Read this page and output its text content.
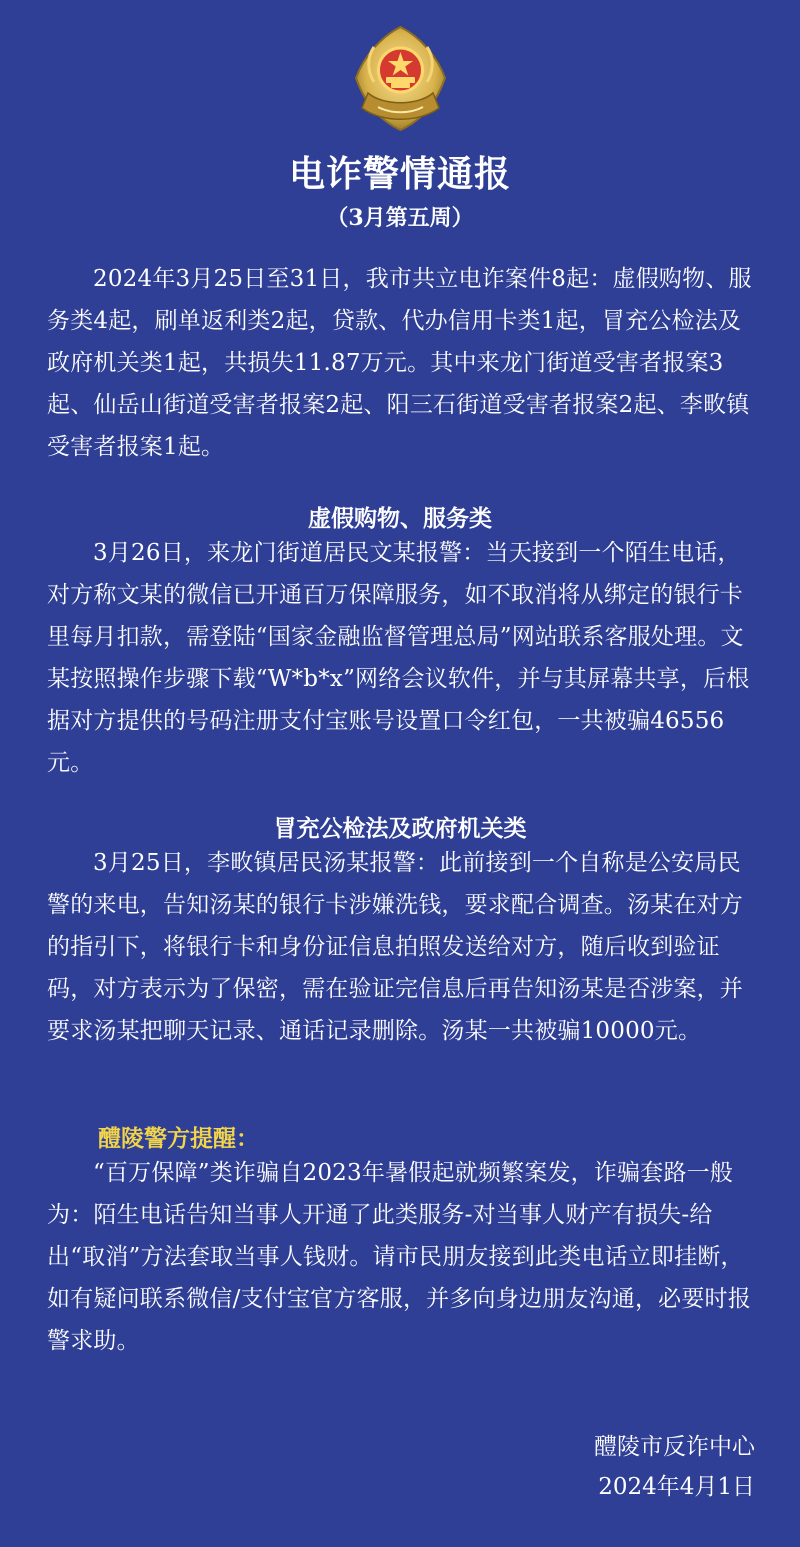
电诈警情通报
（3月第五周）
2024年3月25日至31日，我市共立电诈案件8起：虚假购物、服务类4起，刷单返利类2起，贷款、代办信用卡类1起，冒充公检法及政府机关类1起，共损失11.87万元。其中来龙门街道受害者报案3起、仙岳山街道受害者报案2起、阳三石街道受害者报案2起、李畋镇受害者报案1起。
虚假购物、服务类
3月26日，来龙门街道居民文某报警：当天接到一个陌生电话，对方称文某的微信已开通百万保障服务，如不取消将从绑定的银行卡里每月扣款，需登陆“国家金融监督管理总局”网站联系客服处理。文某按照操作步骤下载“W*b*x”网络会议软件，并与其屏幕共享，后根据对方提供的号码注册支付宝账号设置口令红包，一共被骗46556元。
冒充公检法及政府机关类
3月25日，李畋镇居民汤某报警：此前接到一个自称是公安局民警的来电，告知汤某的银行卡涉嫌洗钱，要求配合调查。汤某在对方的指引下，将银行卡和身份证信息拍照发送给对方，随后收到验证码，对方表示为了保密，需在验证完信息后再告知汤某是否涉案，并要求汤某把聊天记录、通话记录删除。汤某一共被骗10000元。
醴陵警方提醒：
“百万保障”类诈骗自2023年暑假起就频繁案发，诈骗套路一般为：陌生电话告知当事人开通了此类服务-对当事人财产有损失-给出“取消”方法套取当事人钱财。请市民朋友接到此类电话立即挂断，如有疑问联系微信/支付宝官方客服，并多向身边朋友沟通，必要时报警求助。
醴陵市反诈中心
2024年4月1日
